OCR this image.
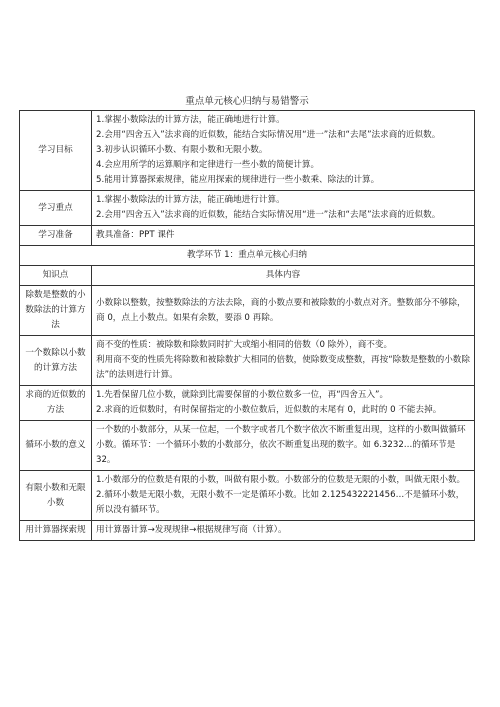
重点单元核心归纳与易错警示
学习目标	1.掌握小数除法的计算方法，能正确地进行计算。

2.会用“四舍五入”法求商的近似数，能结合实际情况用“进一”法和“去尾”法求商的近似数。

3.初步认识循环小数、有限小数和无限小数。

4.会应用所学的运算顺序和定律进行一些小数的简便计算。

5.能用计算器探索规律，能应用探索的规律进行一些小数乘、除法的计算。

学习重点	1.掌握小数除法的计算方法，能正确地进行计算。

2.会用“四舍五入”法求商的近似数，能结合实际情况用“进一”法和“去尾”法求商的近似数。

学习准备	教具准备：PPT 课件
教学环节 1：重点单元核心归纳	
知识点	具体内容
除数是整数的小数除法的计算方法	小数除以整数，按整数除法的方法去除，商的小数点要和被除数的小数点对齐。整数部分不够除，商 0，点上小数点。如果有余数，要添 0 再除。

一个数除以小数的计算方法	商不变的性质：被除数和除数同时扩大或缩小相同的倍数（0 除外），商不变。

利用商不变的性质先将除数和被除数扩大相同的倍数，使除数变成整数，再按“除数是整数的小数除法”的法则进行计算。

求商的近似数的方法	1.先看保留几位小数，就除到比需要保留的小数位数多一位，再“四舍五入”。

2.求商的近似数时，有时保留指定的小数位数后，近似数的末尾有 0，此时的 0 不能去掉。

循环小数的意义	一个数的小数部分，从某一位起，一个数字或者几个数字依次不断重复出现，这样的小数叫做循环小数。循环节：一个循环小数的小数部分，依次不断重复出现的数字。如 6.3232…的循环节是 32。

有限小数和无限小数	1.小数部分的位数是有限的小数，叫做有限小数。小数部分的位数是无限的小数，叫做无限小数。

2.循环小数是无限小数，无限小数不一定是循环小数。比如 2.125432221456…不是循环小数，所以没有循环节。

用计算器探索规	用计算器计算→发现规律→根据规律写商（计算）。
